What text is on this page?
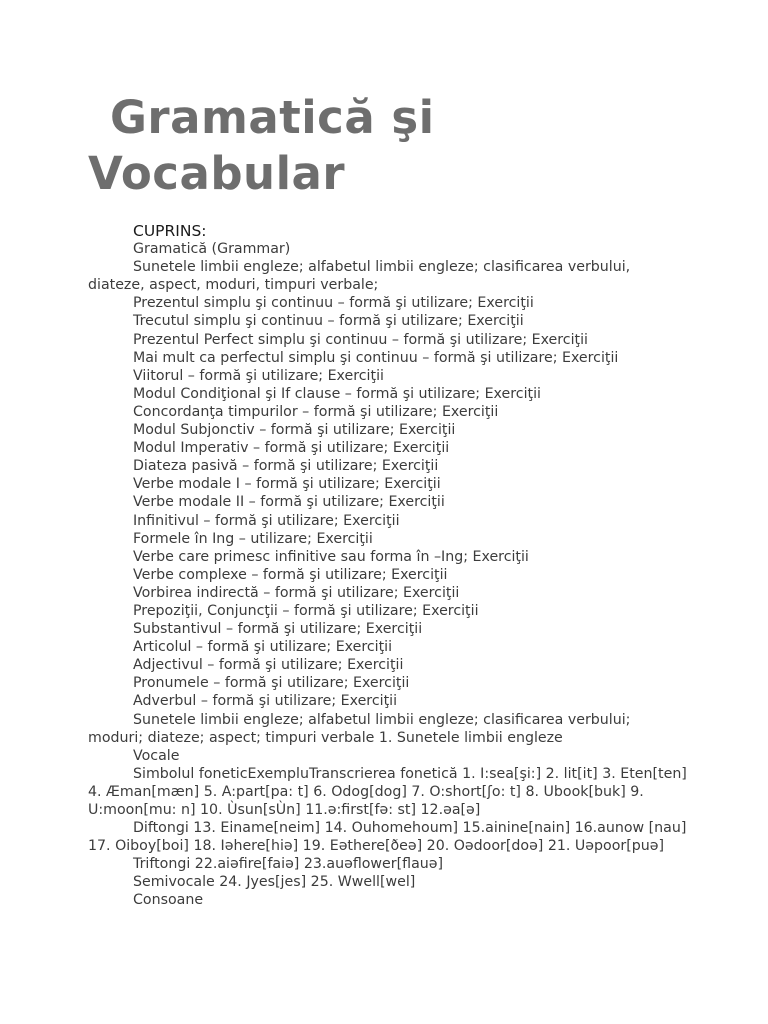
Gramatică şi
Vocabular

CUPRINS:

Gramatică (Grammar)

Sunetele limbii engleze; alfabetul limbii engleze; clasificarea verbului, diateze, aspect, moduri, timpuri verbale;

Prezentul simplu şi continuu – formă şi utilizare; Exerciţii

Trecutul simplu şi continuu – formă şi utilizare; Exerciţii

Prezentul Perfect simplu şi continuu – formă şi utilizare; Exerciţii

Mai mult ca perfectul simplu şi continuu – formă şi utilizare; Exerciţii

Viitorul – formă şi utilizare; Exerciţii

Modul Condiţional şi If clause – formă şi utilizare; Exerciţii

Concordanţa timpurilor – formă şi utilizare; Exerciţii

Modul Subjonctiv – formă şi utilizare; Exerciţii

Modul Imperativ – formă şi utilizare; Exerciţii

Diateza pasivă – formă şi utilizare; Exerciţii

Verbe modale I – formă şi utilizare; Exerciţii

Verbe modale II – formă şi utilizare; Exerciţii

Infinitivul – formă şi utilizare; Exerciţii

Formele în Ing – utilizare; Exerciţii

Verbe care primesc infinitive sau forma în –Ing; Exerciţii

Verbe complexe – formă şi utilizare; Exerciţii

Vorbirea indirectă – formă şi utilizare; Exerciţii

Prepoziţii, Conjuncţii – formă şi utilizare; Exerciţii

Substantivul – formă şi utilizare; Exerciţii

Articolul – formă şi utilizare; Exerciţii

Adjectivul – formă şi utilizare; Exerciţii

Pronumele – formă şi utilizare; Exerciţii

Adverbul – formă şi utilizare; Exerciţii

Sunetele limbii engleze; alfabetul limbii engleze; clasificarea verbului; moduri; diateze; aspect; timpuri verbale 1. Sunetele limbii engleze

Vocale

Simbolul foneticExempluTranscrierea fonetică 1. I:sea[şi:] 2. lit[it] 3. Eten[ten] 4. Æman[mæn] 5. A:part[pa: t] 6. Odog[dog] 7. O:short[ʃo: t] 8. Ubook[buk] 9. U:moon[mu: n] 10. Ùsun[sÙn] 11.ə:first[fə: st] 12.əa[ə]

Diftongi 13. Einame[neim] 14. Ouhomehoum] 15.ainine[nain] 16.aunow [nau] 17. Oiboy[boi] 18. Iəhere[hiə] 19. Eəthere[ðeə] 20. Oədoor[doə] 21. Uəpoor[puə]

Triftongi 22.aiəfire[faiə] 23.auəflower[flauə]

Semivocale 24. Jyes[jes] 25. Wwell[wel]

Consoane
